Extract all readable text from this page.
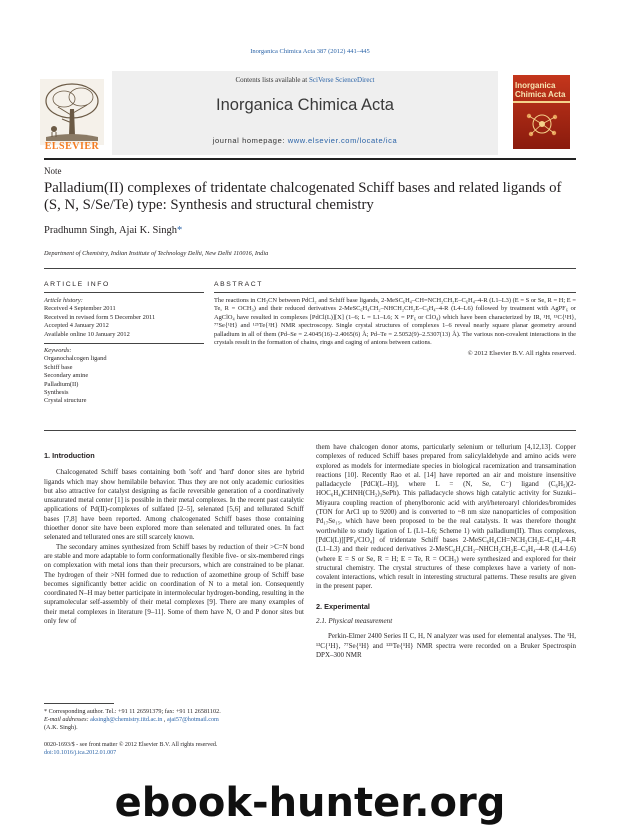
Inorganica Chimica Acta 387 (2012) 441–445
Contents lists available at SciVerse ScienceDirect
Inorganica Chimica Acta
journal homepage: www.elsevier.com/locate/ica
ELSEVIER
Inorganica
Chimica Acta
Note
Palladium(II) complexes of tridentate chalcogenated Schiff bases and related ligands of (S, N, S/Se/Te) type: Synthesis and structural chemistry
Pradhumn Singh, Ajai K. Singh*
Department of Chemistry, Indian Institute of Technology Delhi, New Delhi 110016, India
ARTICLE INFO
Article history:
Received 4 September 2011
Received in revised form 5 December 2011
Accepted 4 January 2012
Available online 10 January 2012
Keywords:
Organochalcogen ligand
Schiff base
Secondary amine
Palladium(II)
Synthesis
Crystal structure
ABSTRACT
The reactions in CH₃CN between PdCl₂ and Schiff base ligands, 2-MeSC₆H₄–CH=NCH₂CH₂E–C₆H₄–4-R (L1–L3) (E = S or Se, R = H; E = Te, R = OCH₃) and their reduced derivatives 2-MeSC₆H₄CH₂–NHCH₂CH₂E–C₆H₄–4-R (L4–L6) followed by treatment with AgPF₆ or AgClO₄ have resulted in complexes [PdCl(L)][X] (1–6; L = L1–L6; X = PF₆ or ClO₄) which have been characterized by IR, ¹H, ¹³C{¹H}, ⁷⁷Se{¹H} and ¹²⁵Te{¹H} NMR spectroscopy. Single crystal structures of complexes 1–6 reveal nearly square planar geometry around palladium in all of them (Pd–Se = 2.4045(16)–2.4065(6) Å; Pd–Te = 2.5052(9)–2.5307(13) Å). The various non-covalent interactions in the crystals result in the formation of chains, rings and caging of anions between cations.
© 2012 Elsevier B.V. All rights reserved.
1. Introduction

Chalcogenated Schiff bases containing both 'soft' and 'hard' donor sites are hybrid ligands which may show hemilabile behavior. Thus they are not only academic curiosities but also attractive for catalyst designing as facile reversible generation of a coordinatively unsaturated metal center [1] is possible in their metal complexes. In the recent past catalytic applications of Pd(II)-complexes of sulfated [2–5], selenated [5,6] and tellurated Schiff bases [7,8] have been reported. Among chalcogenated Schiff bases those containing thioether donor site have been explored more than selenated and tellurated ones. In fact selenated and tellurated ones are still scarcely known.

The secondary amines synthesized from Schiff bases by reduction of their >C=N bond are stable and more adaptable to form conformationally flexible five- or six-membered rings on complexation with metal ions than their precursors, which are constrained to be planar. The hydrogen of their >NH formed due to reduction of azomethine group of Schiff base becomes significantly better acidic on coordination of N to a metal ion. Consequently coordinated N–H may better participate in intermolecular hydrogen-bonding, resulting in the supramolecular self-assembly of their metal complexes [9]. There are many examples of their metal complexes in literature [9–11]. Some of them have N, O and P donor sites but only few of

them have chalcogen donor atoms, particularly selenium or tellurium [4,12,13]. Copper complexes of reduced Schiff bases prepared from salicylaldehyde and amino acids were explored as models for intermediate species in biological racemization and transamination reactions [10]. Recently Rao et al. [14] have reported an air and moisture insensitive palladacycle [PdCl(L–H)], where L = (N, Se, C⁻) ligand (C₆H₅)(2-HOC₆H₄)CHNH(CH₂)₃SePh). This palladacycle shows high catalytic activity for Suzuki–Miyaura coupling reaction of phenylboronic acid with aryl/heteroaryl chlorides/bromides (TON for ArCl up to 9200) and is converted to ~8 nm size nanoparticles of composition Pd₁₇Se₁₅, which have been proposed to be the real catalysts. It was therefore thought worthwhile to study ligation of L (L1–L6; Scheme 1) with palladium(II). Thus complexes, [PdCl(L)][PF₆/ClO₄] of tridentate Schiff bases 2-MeSC₆H₄CH=NCH₂CH₂E–C₆H₄–4-R (L1–L3) and their reduced derivatives 2-MeSC₆H₄CH₂–NHCH₂CH₂E–C₆H₄–4-R (L4–L6) (where E = S or Se, R = H; E = Te, R = OCH₃) were synthesized and explored for their structural chemistry. The crystal structures of these complexes have a variety of non-covalent interactions, which result in interesting structural patterns. These results are given in the present paper.

2. Experimental
2.1. Physical measurement

Perkin-Elmer 2400 Series II C, H, N analyzer was used for elemental analyses. The ¹H, ¹³C{¹H}, ⁷⁷Se{¹H} and ¹²⁵Te{¹H} NMR spectra were recorded on a Bruker Spectrospin DPX–300 NMR

* Corresponding author. Tel.: +91 11 26591379; fax: +91 11 26581102.
E-mail addresses: aksingh@chemistry.iitd.ac.in , ajai57@hotmail.com
(A.K. Singh).
0020-1693/$ - see front matter © 2012 Elsevier B.V. All rights reserved.
doi:10.1016/j.ica.2012.01.007
ebook-hunter.org
